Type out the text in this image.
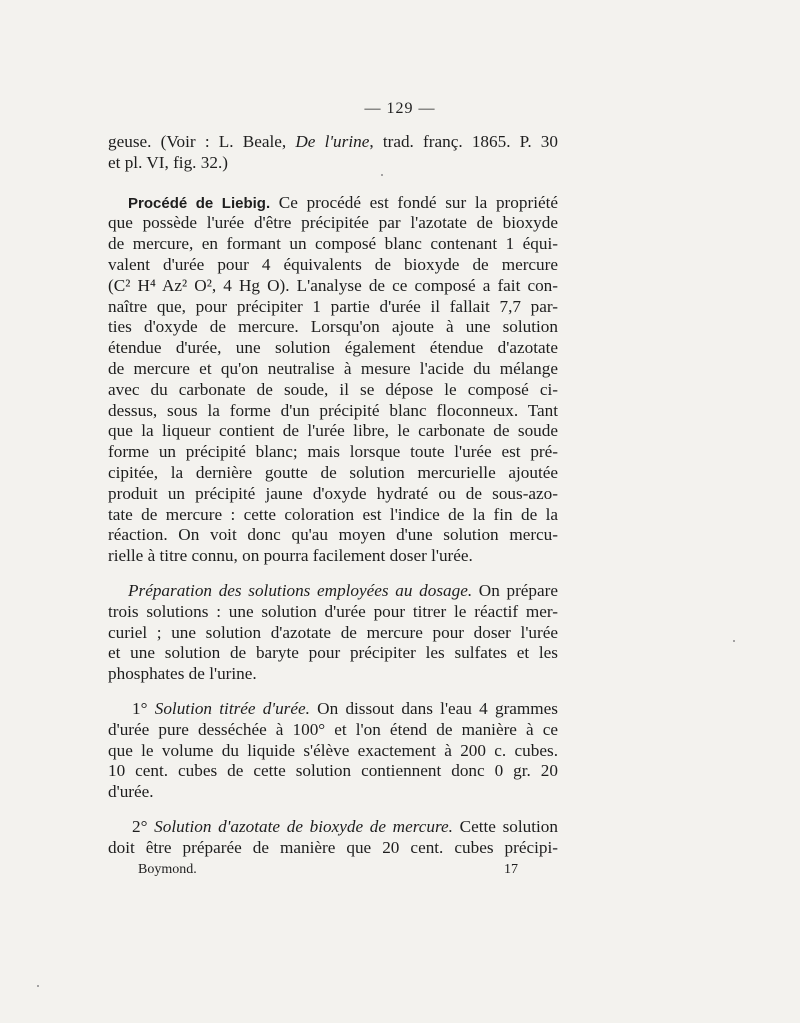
— 129 —
geuse. (Voir : L. Beale, De l'urine, trad. franç. 1865. P. 30
et pl. VI, fig. 32.)
Procédé de Liebig. Ce procédé est fondé sur la propriété
que possède l'urée d'être précipitée par l'azotate de bioxyde
de mercure, en formant un composé blanc contenant 1 équi-
valent d'urée pour 4 équivalents de bioxyde de mercure
(C² H⁴ Az² O², 4 Hg O). L'analyse de ce composé a fait con-
naître que, pour précipiter 1 partie d'urée il fallait 7,7 par-
ties d'oxyde de mercure. Lorsqu'on ajoute à une solution
étendue d'urée, une solution également étendue d'azotate
de mercure et qu'on neutralise à mesure l'acide du mélange
avec du carbonate de soude, il se dépose le composé ci-
dessus, sous la forme d'un précipité blanc floconneux. Tant
que la liqueur contient de l'urée libre, le carbonate de soude
forme un précipité blanc; mais lorsque toute l'urée est pré-
cipitée, la dernière goutte de solution mercurielle ajoutée
produit un précipité jaune d'oxyde hydraté ou de sous-azo-
tate de mercure : cette coloration est l'indice de la fin de la
réaction. On voit donc qu'au moyen d'une solution mercu-
rielle à titre connu, on pourra facilement doser l'urée.
Préparation des solutions employées au dosage. On prépare
trois solutions : une solution d'urée pour titrer le réactif mer-
curiel ; une solution d'azotate de mercure pour doser l'urée
et une solution de baryte pour précipiter les sulfates et les
phosphates de l'urine.
1° Solution titrée d'urée. On dissout dans l'eau 4 grammes
d'urée pure desséchée à 100° et l'on étend de manière à ce
que le volume du liquide s'élève exactement à 200 c. cubes.
10 cent. cubes de cette solution contiennent donc 0 gr. 20
d'urée.
2° Solution d'azotate de bioxyde de mercure. Cette solution
doit être préparée de manière que 20 cent. cubes précipi-
Boymond.	17
